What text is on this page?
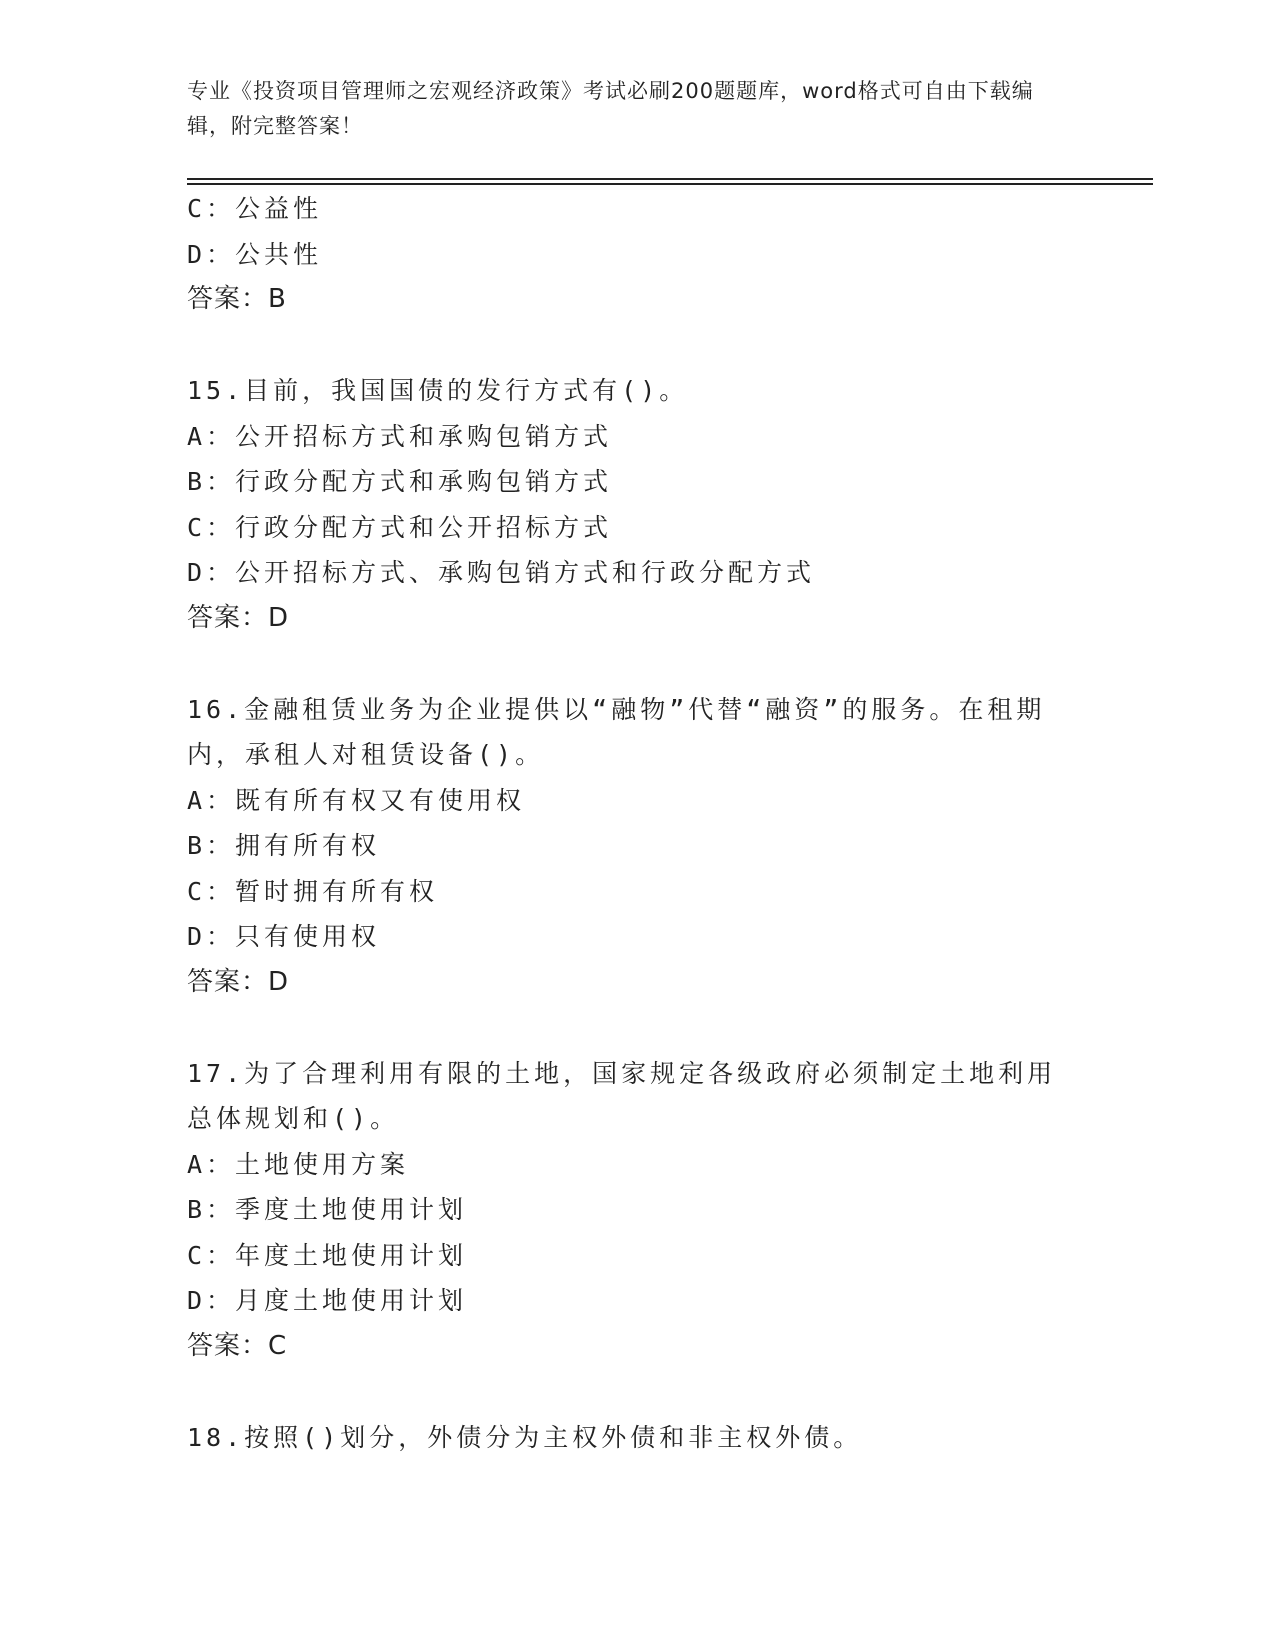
专业《投资项目管理师之宏观经济政策》考试必刷200题题库，word格式可自由下载编辑，附完整答案！
C：公益性
D：公共性
答案：B
15.目前，我国国债的发行方式有()。
A：公开招标方式和承购包销方式
B：行政分配方式和承购包销方式
C：行政分配方式和公开招标方式
D：公开招标方式、承购包销方式和行政分配方式
答案：D
16.金融租赁业务为企业提供以“融物”代替“融资”的服务。在租期内，承租人对租赁设备()。
A：既有所有权又有使用权
B：拥有所有权
C：暂时拥有所有权
D：只有使用权
答案：D
17.为了合理利用有限的土地，国家规定各级政府必须制定土地利用总体规划和()。
A：土地使用方案
B：季度土地使用计划
C：年度土地使用计划
D：月度土地使用计划
答案：C
18.按照()划分，外债分为主权外债和非主权外债。
